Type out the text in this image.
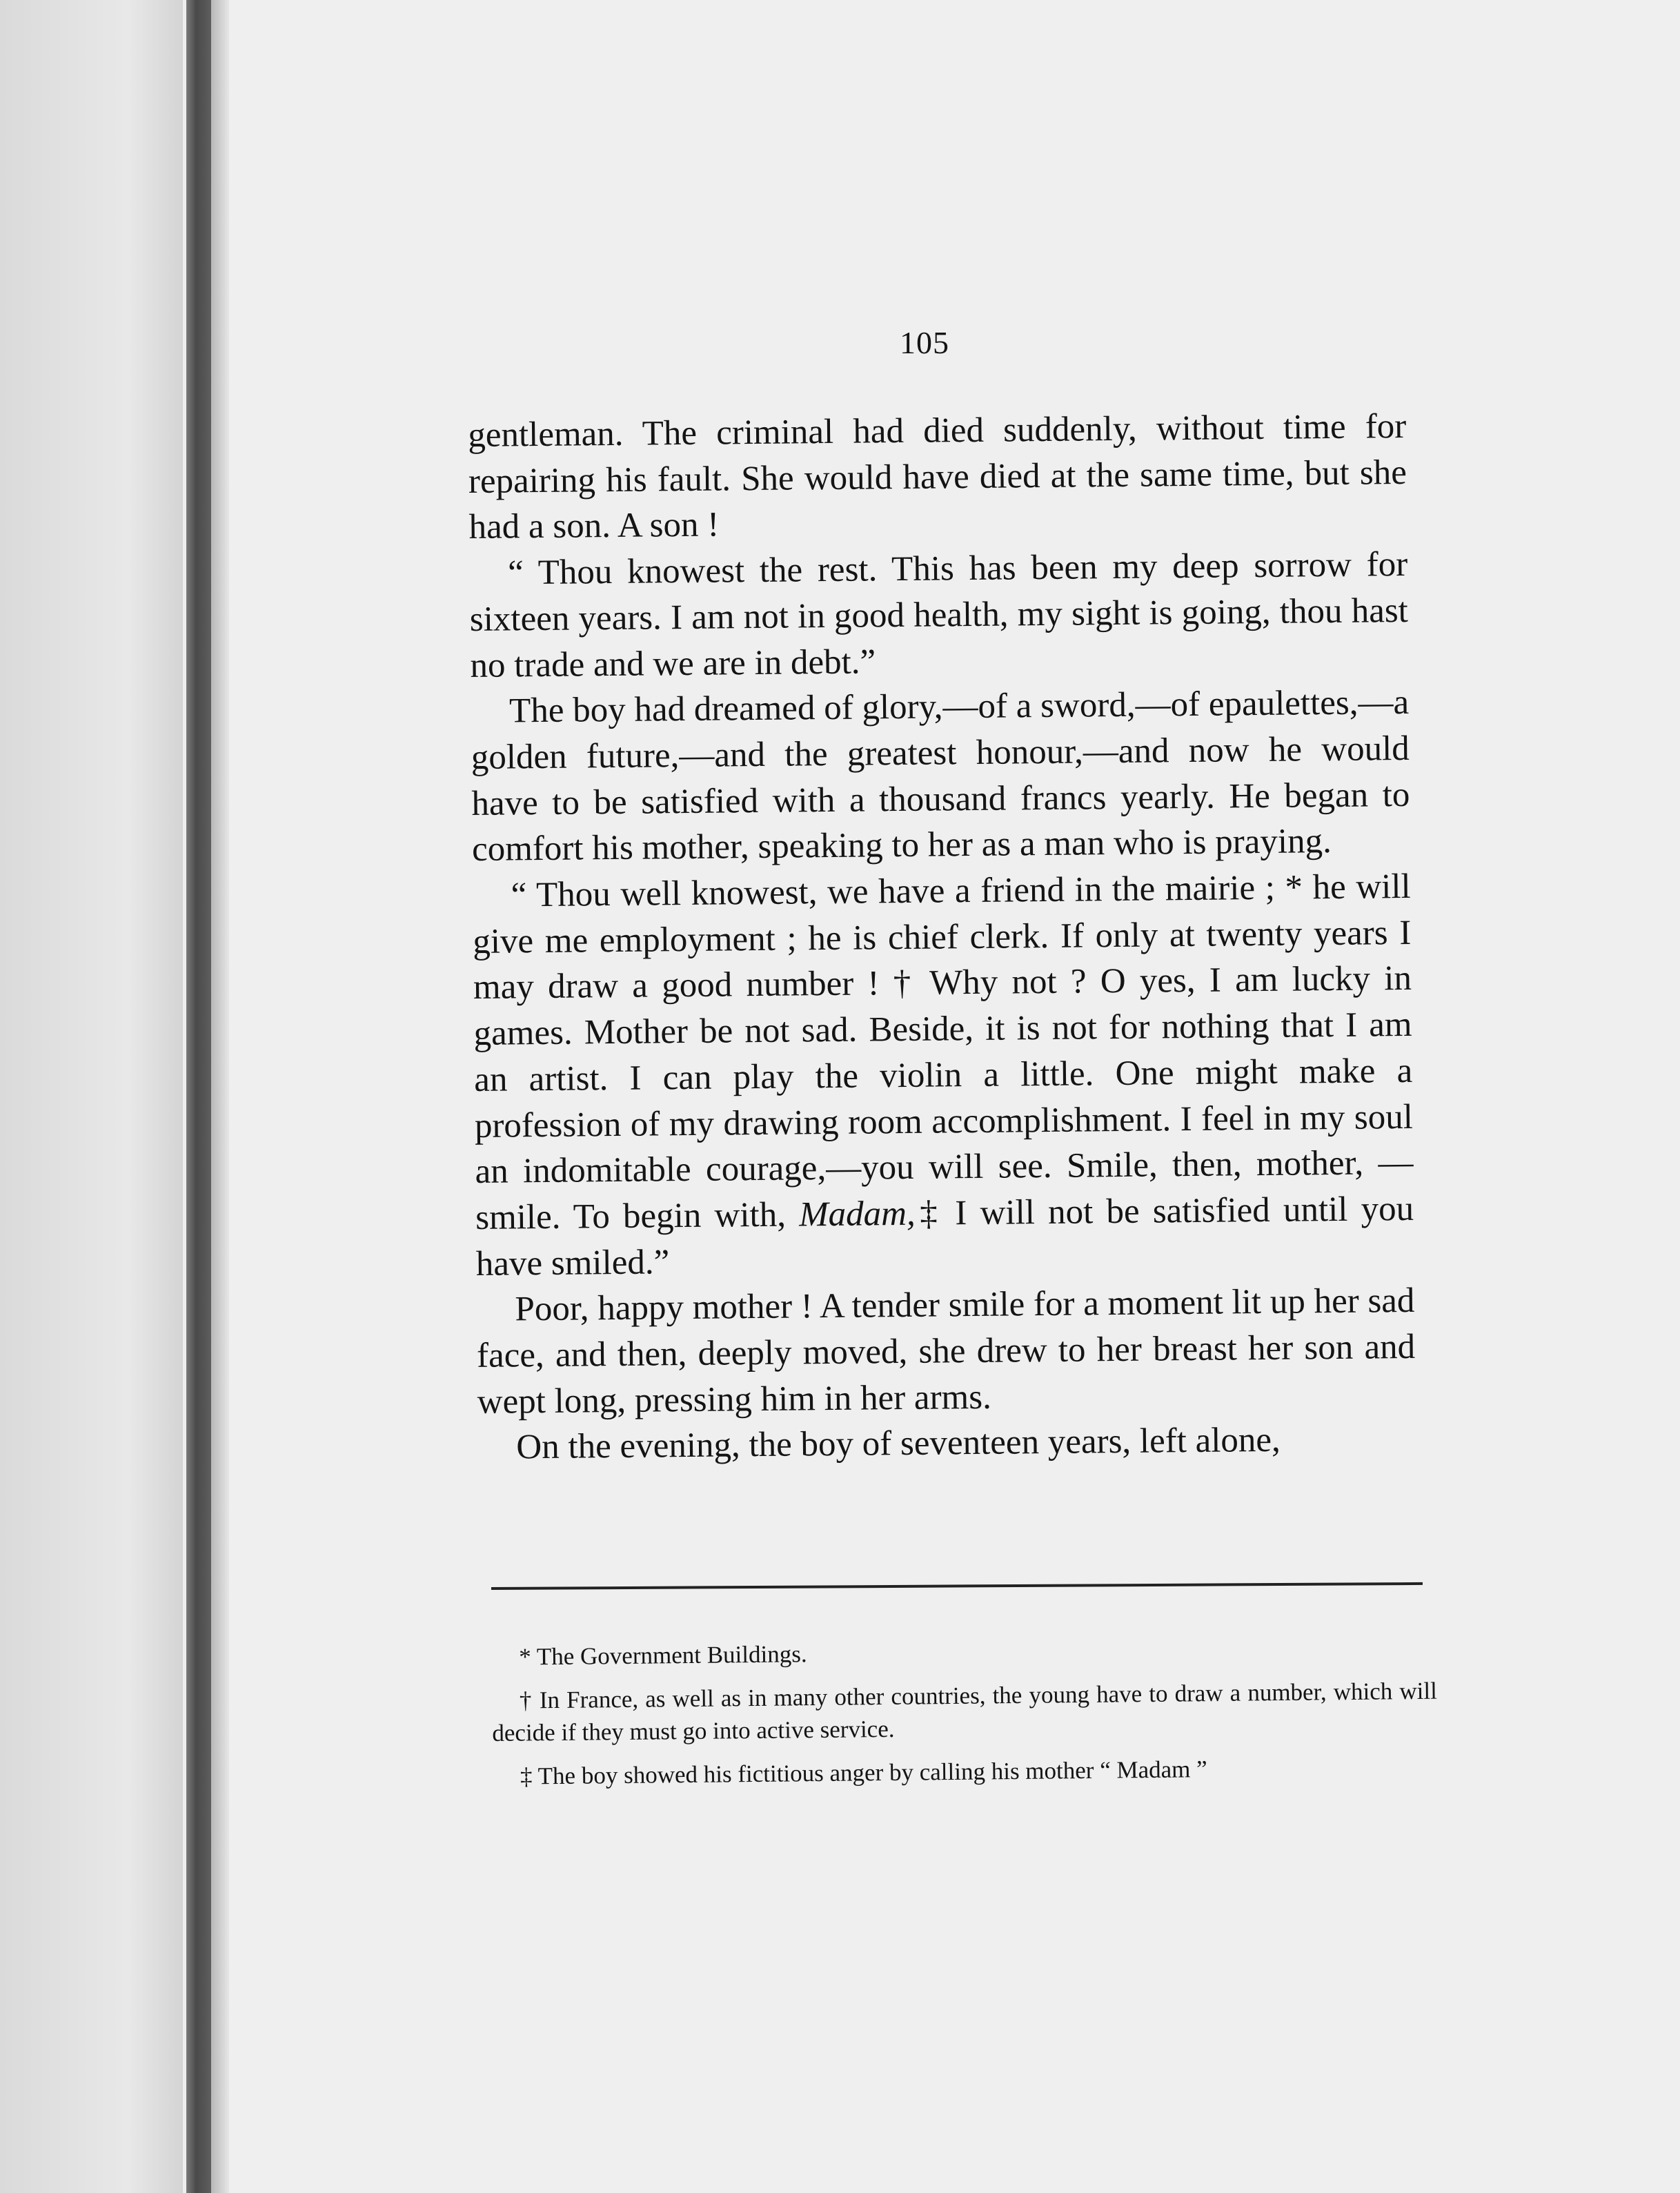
105

gentleman. The criminal had died suddenly, without time for repairing his fault. She would have died at the same time, but she had a son. A son !

“ Thou knowest the rest. This has been my deep sorrow for sixteen years. I am not in good health, my sight is going, thou hast no trade and we are in debt.”

The boy had dreamed of glory,—of a sword,—of epaulettes,—a golden future,—and the greatest honour,—and now he would have to be satisfied with a thousand francs yearly. He began to comfort his mother, speaking to her as a man who is praying.

“ Thou well knowest, we have a friend in the mairie ; * he will give me employment ; he is chief clerk. If only at twenty years I may draw a good number ! † Why not ? O yes, I am lucky in games. Mother be not sad. Beside, it is not for nothing that I am an artist. I can play the violin a little. One might make a profession of my drawing room accomplishment. I feel in my soul an indomitable courage,—you will see. Smile, then, mother, —smile. To begin with, Madam,‡ I will not be satisfied until you have smiled.”

Poor, happy mother ! A tender smile for a moment lit up her sad face, and then, deeply moved, she drew to her breast her son and wept long, pressing him in her arms.

On the evening, the boy of seventeen years, left alone,

* The Government Buildings.

† In France, as well as in many other countries, the young have to draw a number, which will decide if they must go into active service.

‡ The boy showed his fictitious anger by calling his mother “ Madam ”
